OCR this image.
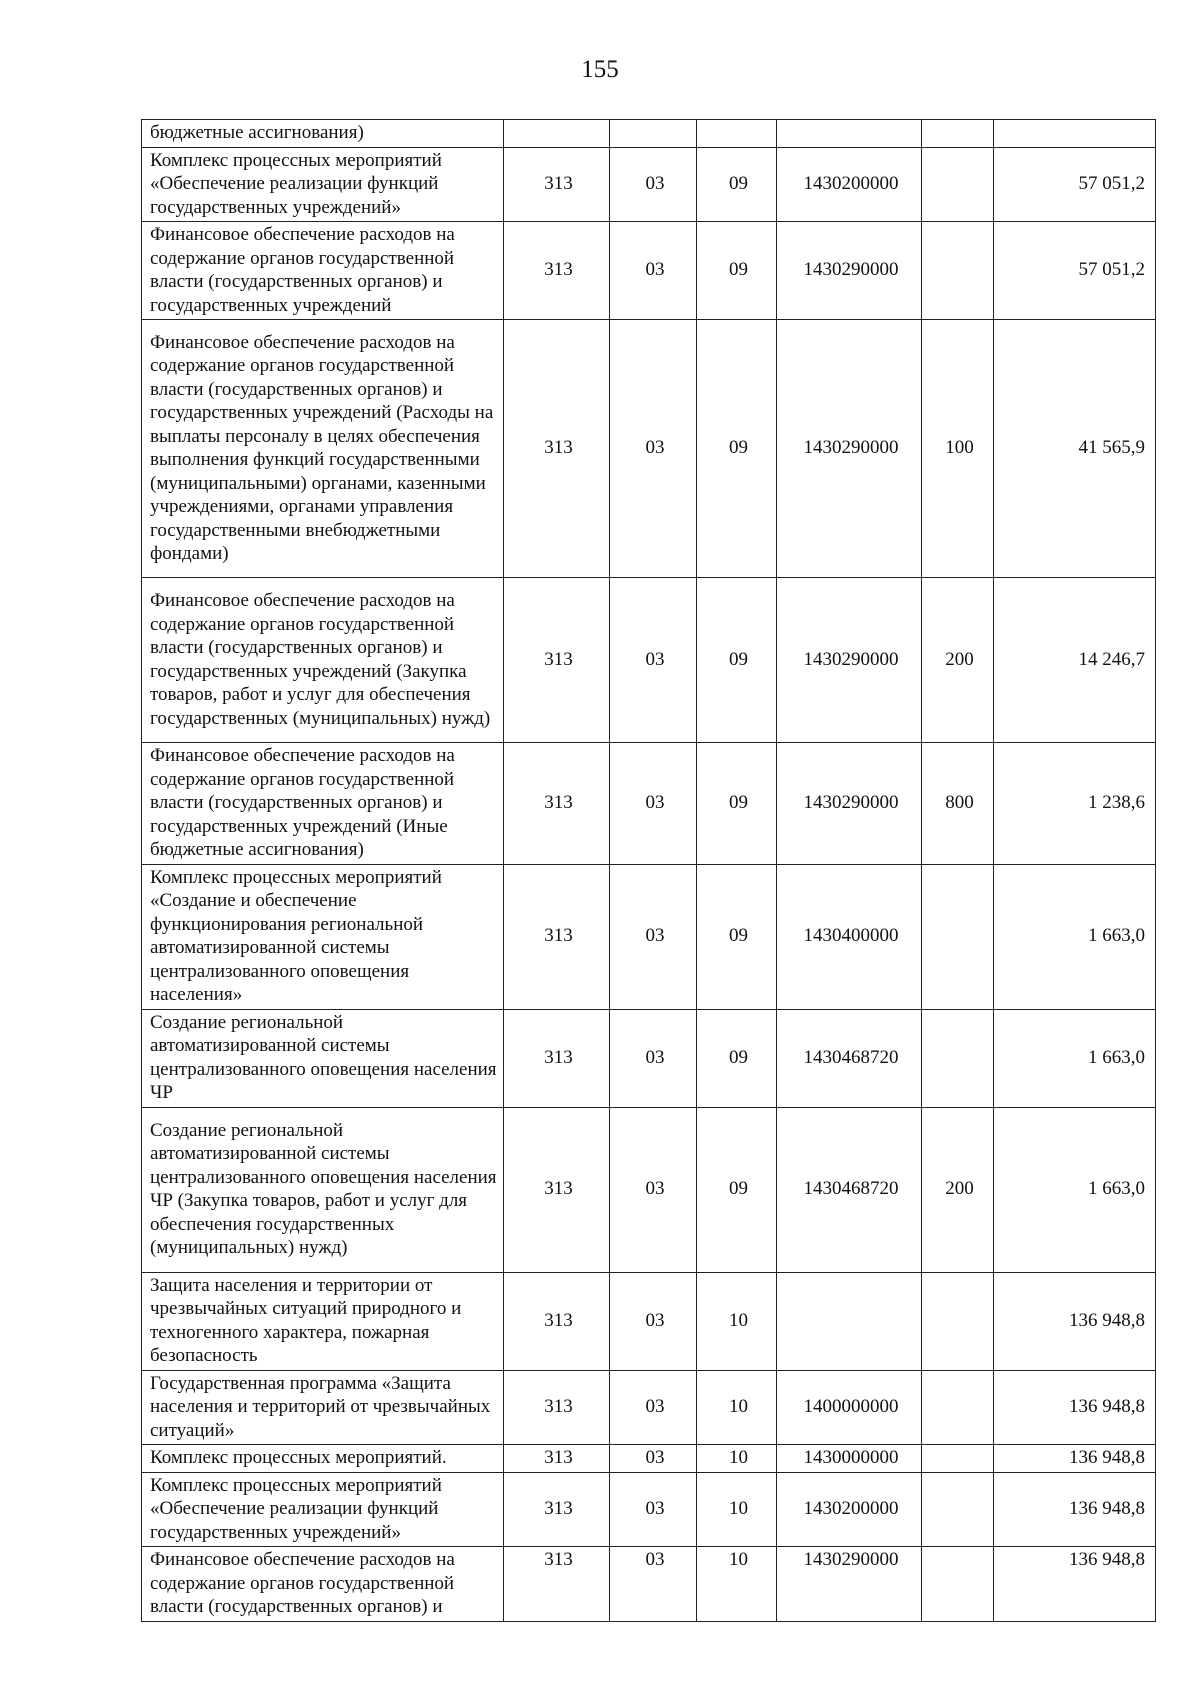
155
бюджетные ассигнования)						
Комплекс процессных мероприятий «Обеспечение реализации функций государственных учреждений»	313	03	09	1430200000		57 051,2
Финансовое обеспечение расходов на содержание органов государственной власти (государственных органов) и государственных учреждений	313	03	09	1430290000		57 051,2
Финансовое обеспечение расходов на содержание органов государственной власти (государственных органов) и государственных учреждений (Расходы на выплаты персоналу в целях обеспечения выполнения функций государственными (муниципальными) органами, казенными учреждениями, органами управления государственными внебюджетными фондами)	313	03	09	1430290000	100	41 565,9
Финансовое обеспечение расходов на содержание органов государственной власти (государственных органов) и государственных учреждений (Закупка товаров, работ и услуг для обеспечения государственных (муниципальных) нужд)	313	03	09	1430290000	200	14 246,7
Финансовое обеспечение расходов на содержание органов государственной власти (государственных органов) и государственных учреждений (Иные бюджетные ассигнования)	313	03	09	1430290000	800	1 238,6
Комплекс процессных мероприятий «Создание и обеспечение функционирования региональной автоматизированной системы централизованного оповещения населения»	313	03	09	1430400000		1 663,0
Создание региональной автоматизированной системы централизованного оповещения населения ЧР	313	03	09	1430468720		1 663,0
Создание региональной автоматизированной системы централизованного оповещения населения ЧР (Закупка товаров, работ и услуг для обеспечения государственных (муниципальных) нужд)	313	03	09	1430468720	200	1 663,0
Защита населения и территории от чрезвычайных ситуаций природного и техногенного характера, пожарная безопасность	313	03	10			136 948,8
Государственная программа «Защита населения и территорий от чрезвычайных ситуаций»	313	03	10	1400000000		136 948,8
Комплекс процессных мероприятий.	313	03	10	1430000000		136 948,8
Комплекс процессных мероприятий «Обеспечение реализации функций государственных учреждений»	313	03	10	1430200000		136 948,8
Финансовое обеспечение расходов на содержание органов государственной власти (государственных органов) и	313	03	10	1430290000		136 948,8
